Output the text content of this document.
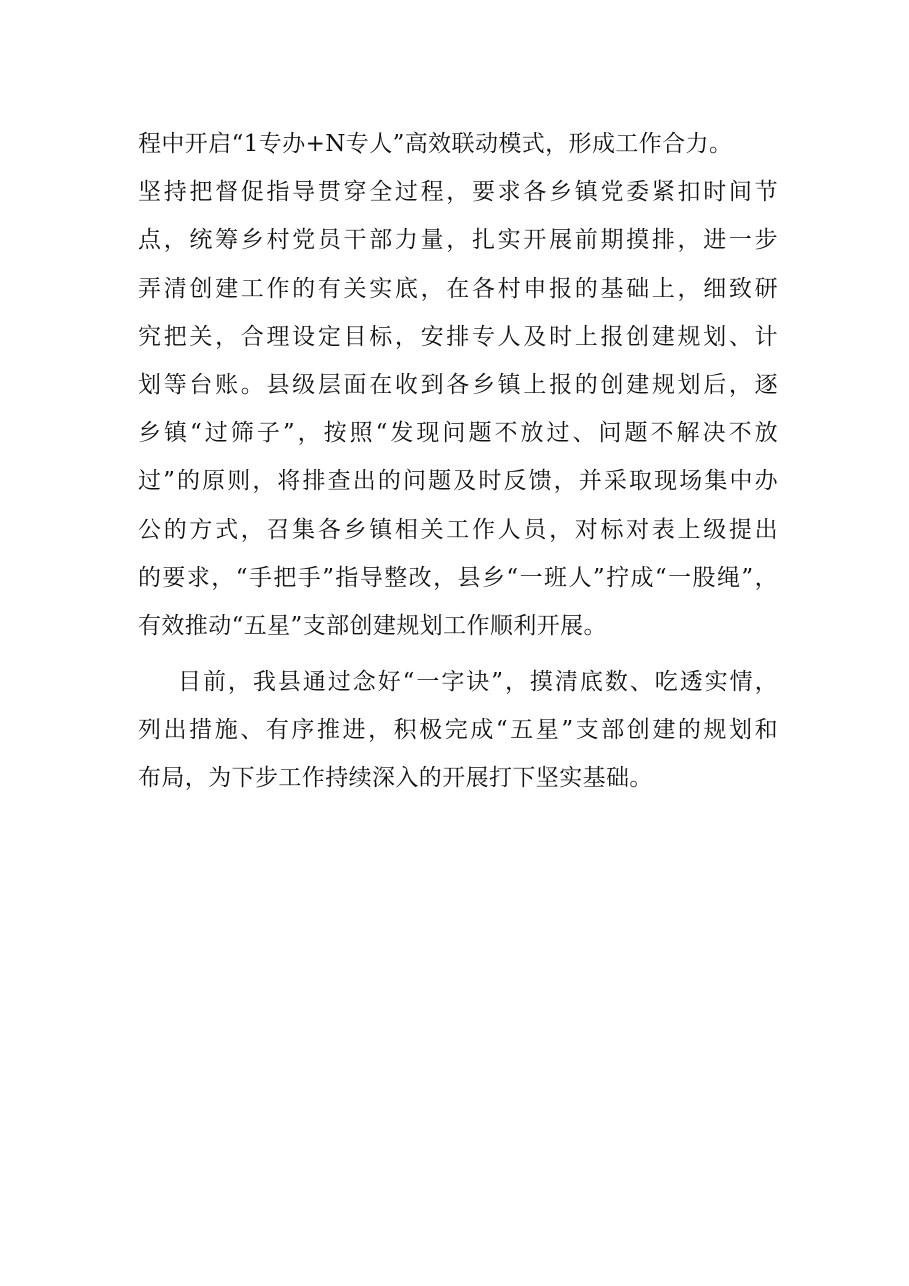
程中开启“1专办+N专人”高效联动模式，形成工作合力。
坚持把督促指导贯穿全过程，要求各乡镇党委紧扣时间节
点，统筹乡村党员干部力量，扎实开展前期摸排，进一步
弄清创建工作的有关实底，在各村申报的基础上，细致研
究把关，合理设定目标，安排专人及时上报创建规划、计
划等台账。县级层面在收到各乡镇上报的创建规划后，逐
乡镇“过筛子”，按照“发现问题不放过、问题不解决不放
过”的原则，将排查出的问题及时反馈，并采取现场集中办
公的方式，召集各乡镇相关工作人员，对标对表上级提出
的要求，“手把手”指导整改，县乡“一班人”拧成“一股绳”，
有效推动“五星”支部创建规划工作顺利开展。
目前，我县通过念好“一字诀”，摸清底数、吃透实情，
列出措施、有序推进，积极完成“五星”支部创建的规划和
布局，为下步工作持续深入的开展打下坚实基础。
